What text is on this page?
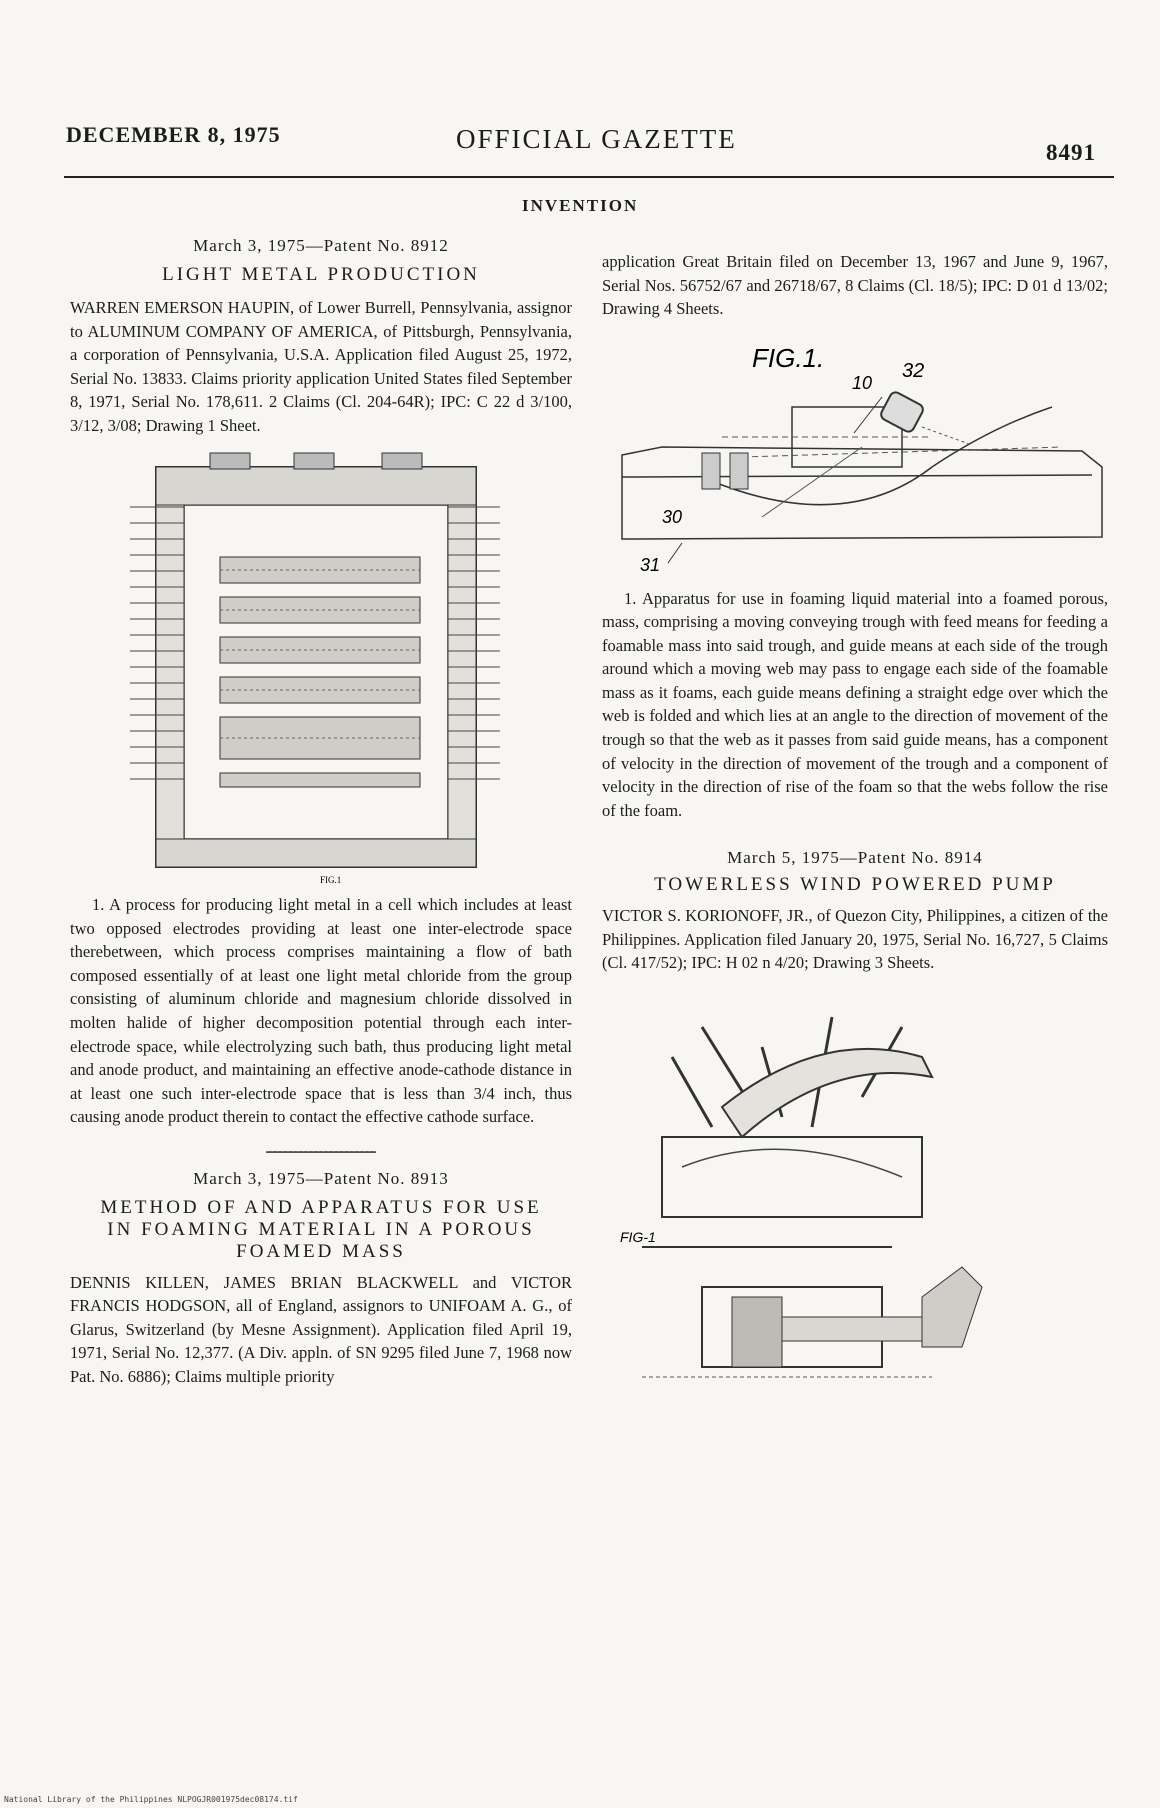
DECEMBER 8, 1975	OFFICIAL GAZETTE	8491
INVENTION

March 3, 1975—Patent No. 8912

LIGHT METAL PRODUCTION

WARREN EMERSON HAUPIN, of Lower Burrell, Pennsylvania, assignor to ALUMINUM COMPANY OF AMERICA, of Pittsburgh, Pennsylvania, a corporation of Pennsylvania, U.S.A. Application filed August 25, 1972, Serial No. 13833. Claims priority application United States filed September 8, 1971, Serial No. 178,611. 2 Claims (Cl. 204-64R); IPC: C 22 d 3/100, 3/12, 3/08; Drawing 1 Sheet.

FIG.1

1. A process for producing light metal in a cell which includes at least two opposed electrodes providing at least one inter-electrode space therebetween, which process comprises maintaining a flow of bath composed essentially of at least one light metal chloride from the group consisting of aluminum chloride and magnesium chloride dissolved in molten halide of higher decomposition potential through each inter-electrode space, while electrolyzing such bath, thus producing light metal and anode product, and maintaining an effective anode-cathode distance in at least one such inter-electrode space that is less than 3/4 inch, thus causing anode product therein to contact the effective cathode surface.

March 3, 1975—Patent No. 8913

METHOD OF AND APPARATUS FOR USE

IN FOAMING MATERIAL IN A POROUS

FOAMED MASS

DENNIS KILLEN, JAMES BRIAN BLACKWELL and VICTOR FRANCIS HODGSON, all of England, assignors to UNIFOAM A. G., of Glarus, Switzerland (by Mesne Assignment). Application filed April 19, 1971, Serial No. 12,377. (A Div. appln. of SN 9295 filed June 7, 1968 now Pat. No. 6886); Claims multiple priority

application Great Britain filed on December 13, 1967 and June 9, 1967, Serial Nos. 56752/67 and 26718/67, 8 Claims (Cl. 18/5); IPC: D 01 d 13/02; Drawing 4 Sheets.

FIG.1.
10
32
30
31

1. Apparatus for use in foaming liquid material into a foamed porous, mass, comprising a moving conveying trough with feed means for feeding a foamable mass into said trough, and guide means at each side of the trough around which a moving web may pass to engage each side of the foamable mass as it foams, each guide means defining a straight edge over which the web is folded and which lies at an angle to the direction of movement of the trough so that the web as it passes from said guide means, has a component of velocity in the direction of movement of the trough and a component of velocity in the direction of rise of the foam so that the webs follow the rise of the foam.

March 5, 1975—Patent No. 8914

TOWERLESS WIND POWERED PUMP

VICTOR S. KORIONOFF, JR., of Quezon City, Philippines, a citizen of the Philippines. Application filed January 20, 1975, Serial No. 16,727, 5 Claims (Cl. 417/52); IPC: H 02 n 4/20; Drawing 3 Sheets.

FIG-1
National Library of the Philippines NLPOGJR001975dec08174.tif
